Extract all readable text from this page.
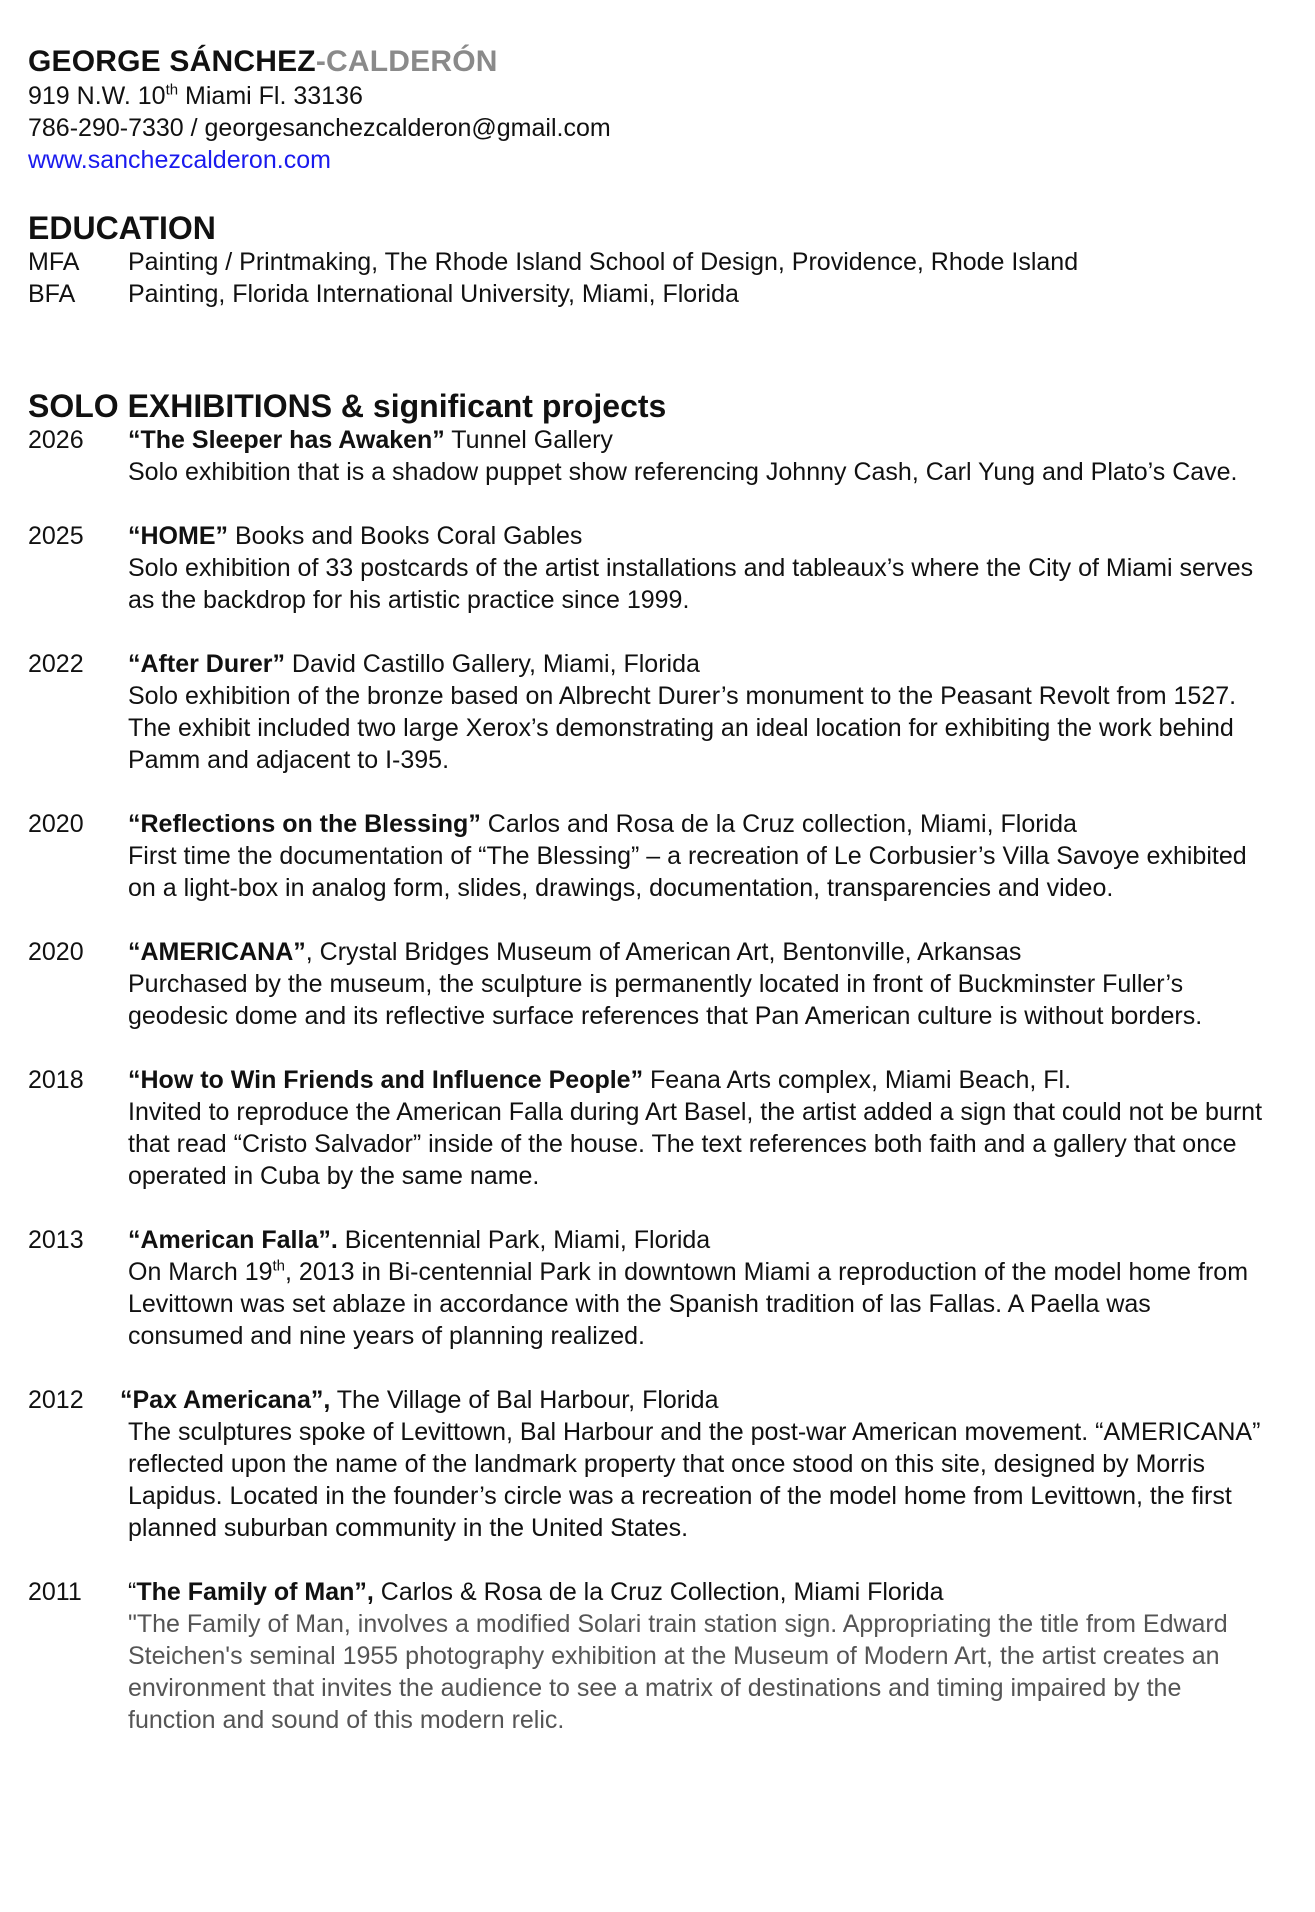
GEORGE SÁNCHEZ-CALDERÓN

919 N.W. 10th Miami Fl. 33136

786-290-7330 / georgesanchezcalderon@gmail.com

www.sanchezcalderon.com

EDUCATION

MFA	Painting / Printmaking, The Rhode Island School of Design, Providence, Rhode Island
BFA	Painting, Florida International University, Miami, Florida

SOLO EXHIBITIONS & significant projects

2026	“The Sleeper has Awaken” Tunnel Gallery
Solo exhibition that is a shadow puppet show referencing Johnny Cash, Carl Yung and Plato’s Cave.
2025	“HOME” Books and Books Coral Gables
Solo exhibition of 33 postcards of the artist installations and tableaux’s where the City of Miami serves as the backdrop for his artistic practice since 1999.
2022	“After Durer” David Castillo Gallery, Miami, Florida
Solo exhibition of the bronze based on Albrecht Durer’s monument to the Peasant Revolt from 1527. The exhibit included two large Xerox’s demonstrating an ideal location for exhibiting the work behind Pamm and adjacent to I-395.
2020	“Reflections on the Blessing” Carlos and Rosa de la Cruz collection, Miami, Florida
First time the documentation of “The Blessing” – a recreation of Le Corbusier’s Villa Savoye exhibited on a light-box in analog form, slides, drawings, documentation, transparencies and video.
2020	“AMERICANA”, Crystal Bridges Museum of American Art, Bentonville, Arkansas
Purchased by the museum, the sculpture is permanently located in front of Buckminster Fuller’s geodesic dome and its reflective surface references that Pan American culture is without borders.
2018	“How to Win Friends and Influence People” Feana Arts complex, Miami Beach, Fl.
Invited to reproduce the American Falla during Art Basel, the artist added a sign that could not be burnt that read “Cristo Salvador” inside of the house. The text references both faith and a gallery that once operated in Cuba by the same name.
2013	“American Falla”. Bicentennial Park, Miami, Florida
On March 19th, 2013 in Bi-centennial Park in downtown Miami a reproduction of the model home from Levittown was set ablaze in accordance with the Spanish tradition of las Fallas. A Paella was consumed and nine years of planning realized.
2012	“Pax Americana”, The Village of Bal Harbour, Florida
The sculptures spoke of Levittown, Bal Harbour and the post-war American movement. “AMERICANA” reflected upon the name of the landmark property that once stood on this site, designed by Morris Lapidus. Located in the founder’s circle was a recreation of the model home from Levittown, the first planned suburban community in the United States.
2011	“The Family of Man”, Carlos & Rosa de la Cruz Collection, Miami Florida
"The Family of Man, involves a modified Solari train station sign. Appropriating the title from Edward Steichen's seminal 1955 photography exhibition at the Museum of Modern Art, the artist creates an environment that invites the audience to see a matrix of destinations and timing impaired by the function and sound of this modern relic.
